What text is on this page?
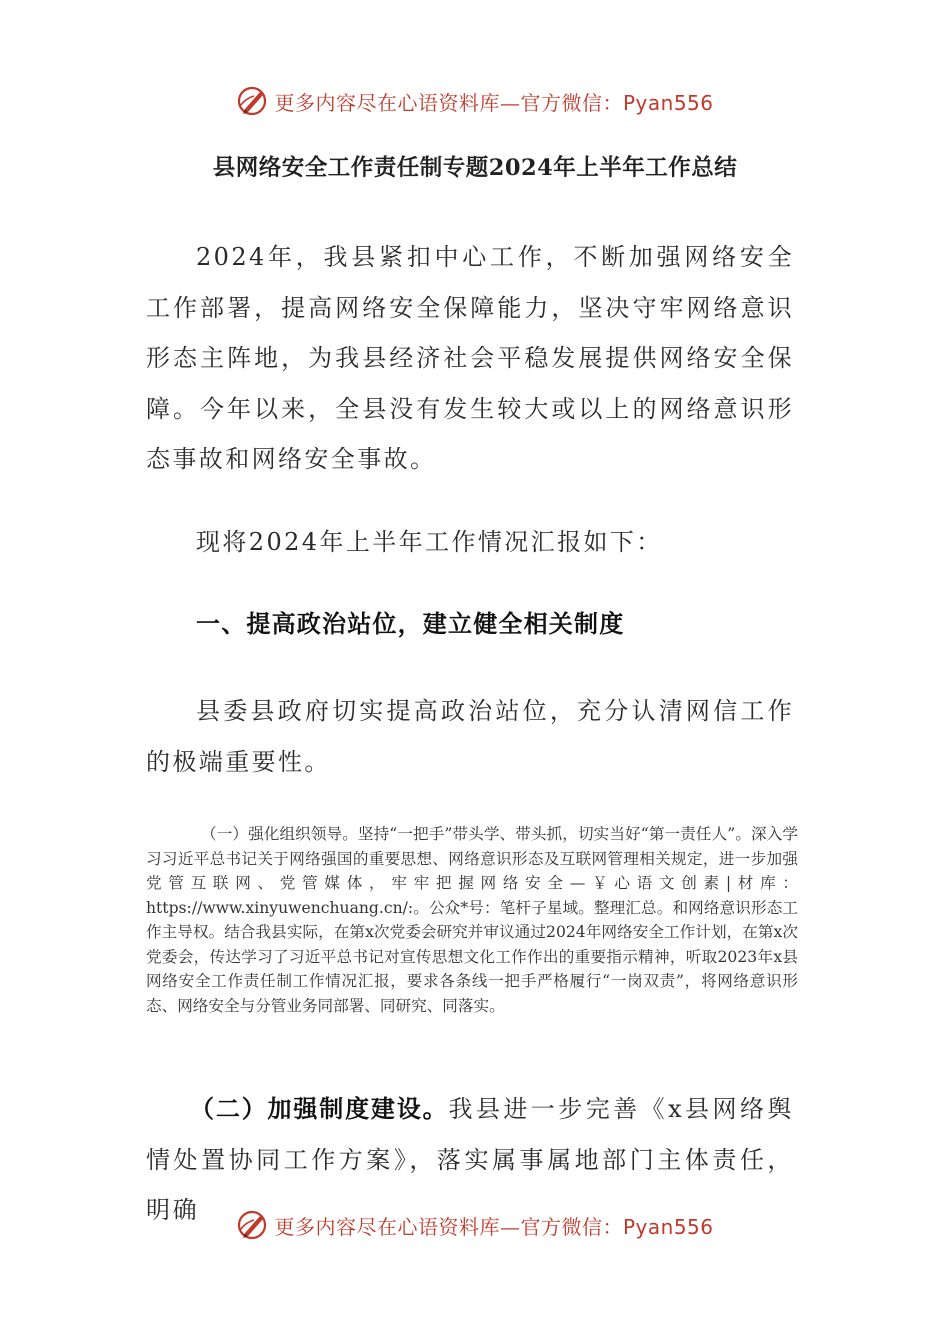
更多内容尽在心语资料库—官方微信：Pyan556
县网络安全工作责任制专题2024年上半年工作总结
2024年，我县紧扣中心工作，不断加强网络安全工作部署，提高网络安全保障能力，坚决守牢网络意识形态主阵地，为我县经济社会平稳发展提供网络安全保障。今年以来，全县没有发生较大或以上的网络意识形态事故和网络安全事故。
现将2024年上半年工作情况汇报如下：
一、提高政治站位，建立健全相关制度
县委县政府切实提高政治站位，充分认清网信工作的极端重要性。
（一）强化组织领导。坚持“一把手”带头学、带头抓，切实当好“第一责任人”。深入学习习近平总书记关于网络强国的重要思想、网络意识形态及互联网管理相关规定，进一步加强党管互联网、党管媒体，牢牢把握网络安全—￥心语文创素|材库：https://www.xinyuwenchuang.cn/:。公众*号：笔杆子星域。整理汇总。和网络意识形态工作主导权。结合我县实际，在第x次党委会研究并审议通过2024年网络安全工作计划，在第x次党委会，传达学习了习近平总书记对宣传思想文化工作作出的重要指示精神，听取2023年x县网络安全工作责任制工作情况汇报，要求各条线一把手严格履行“一岗双责”，将网络意识形态、网络安全与分管业务同部署、同研究、同落实。
（二）加强制度建设。我县进一步完善《x县网络舆情处置协同工作方案》，落实属事属地部门主体责任，明确
更多内容尽在心语资料库—官方微信：Pyan556
